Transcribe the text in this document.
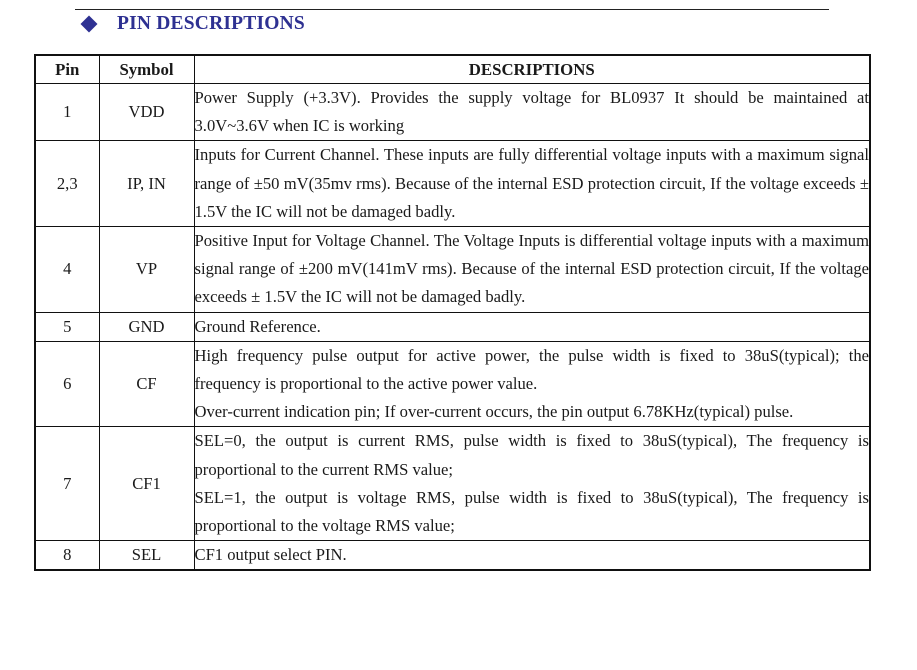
PIN DESCRIPTIONS
Pin	Symbol	DESCRIPTIONS
1	VDD	Power Supply (+3.3V). Provides the supply voltage for BL0937 It should be maintained at 3.0V~3.6V when IC is working

2,3	IP, IN	Inputs for Current Channel. These inputs are fully differential voltage inputs with a maximum signal range of ±50 mV(35mv rms). Because of the internal ESD protection circuit, If the voltage exceeds ± 1.5V the IC will not be damaged badly.

4	VP	Positive Input for Voltage Channel. The Voltage Inputs is differential voltage inputs with a maximum signal range of ±200 mV(141mV rms). Because of the internal ESD protection circuit, If the voltage exceeds ± 1.5V the IC will not be damaged badly.

5	GND	Ground Reference.

6	CF	High frequency pulse output for active power, the pulse width is fixed to 38uS(typical); the frequency is proportional to the active power value.

Over-current indication pin; If over-current occurs, the pin output 6.78KHz(typical) pulse.

7	CF1	SEL=0, the output is current RMS, pulse width is fixed to 38uS(typical), The frequency is proportional to the current RMS value;

SEL=1, the output is voltage RMS, pulse width is fixed to 38uS(typical), The frequency is proportional to the voltage RMS value;

8	SEL	CF1 output select PIN.
